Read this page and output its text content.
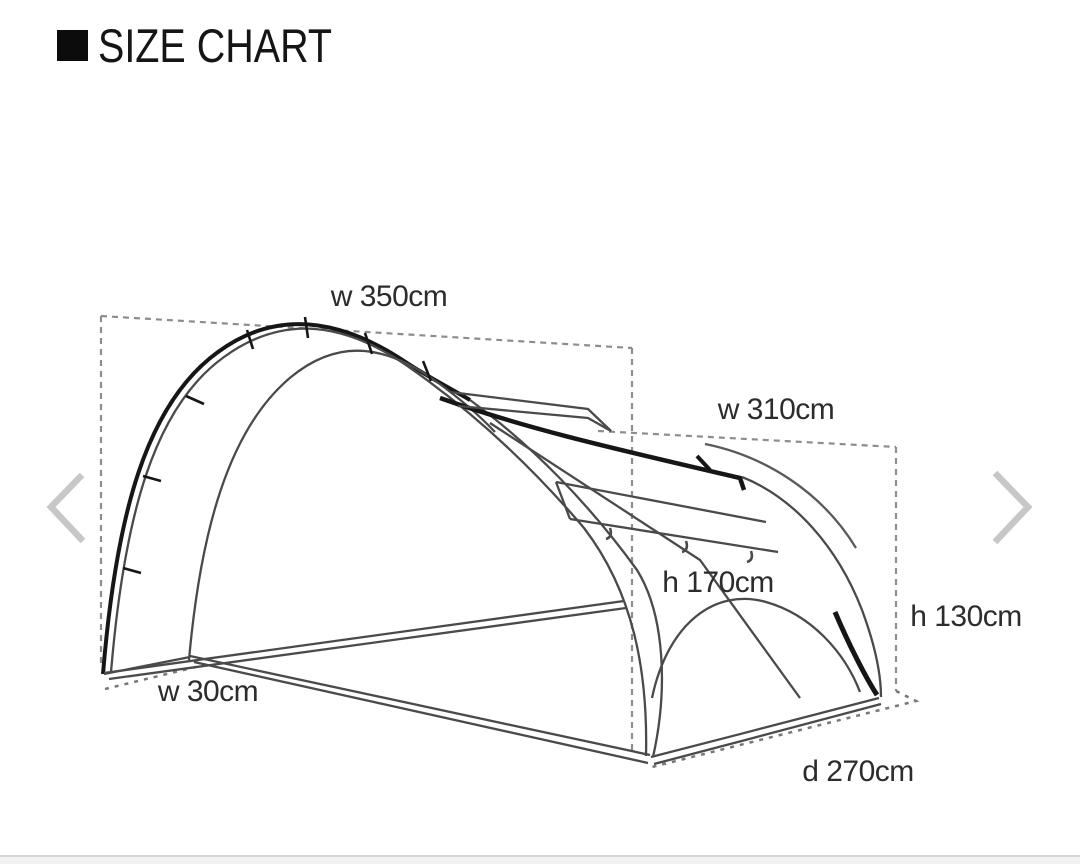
SIZE CHART
w 350cm
w 310cm
h 170cm
h 130cm
w 30cm
d 270cm
